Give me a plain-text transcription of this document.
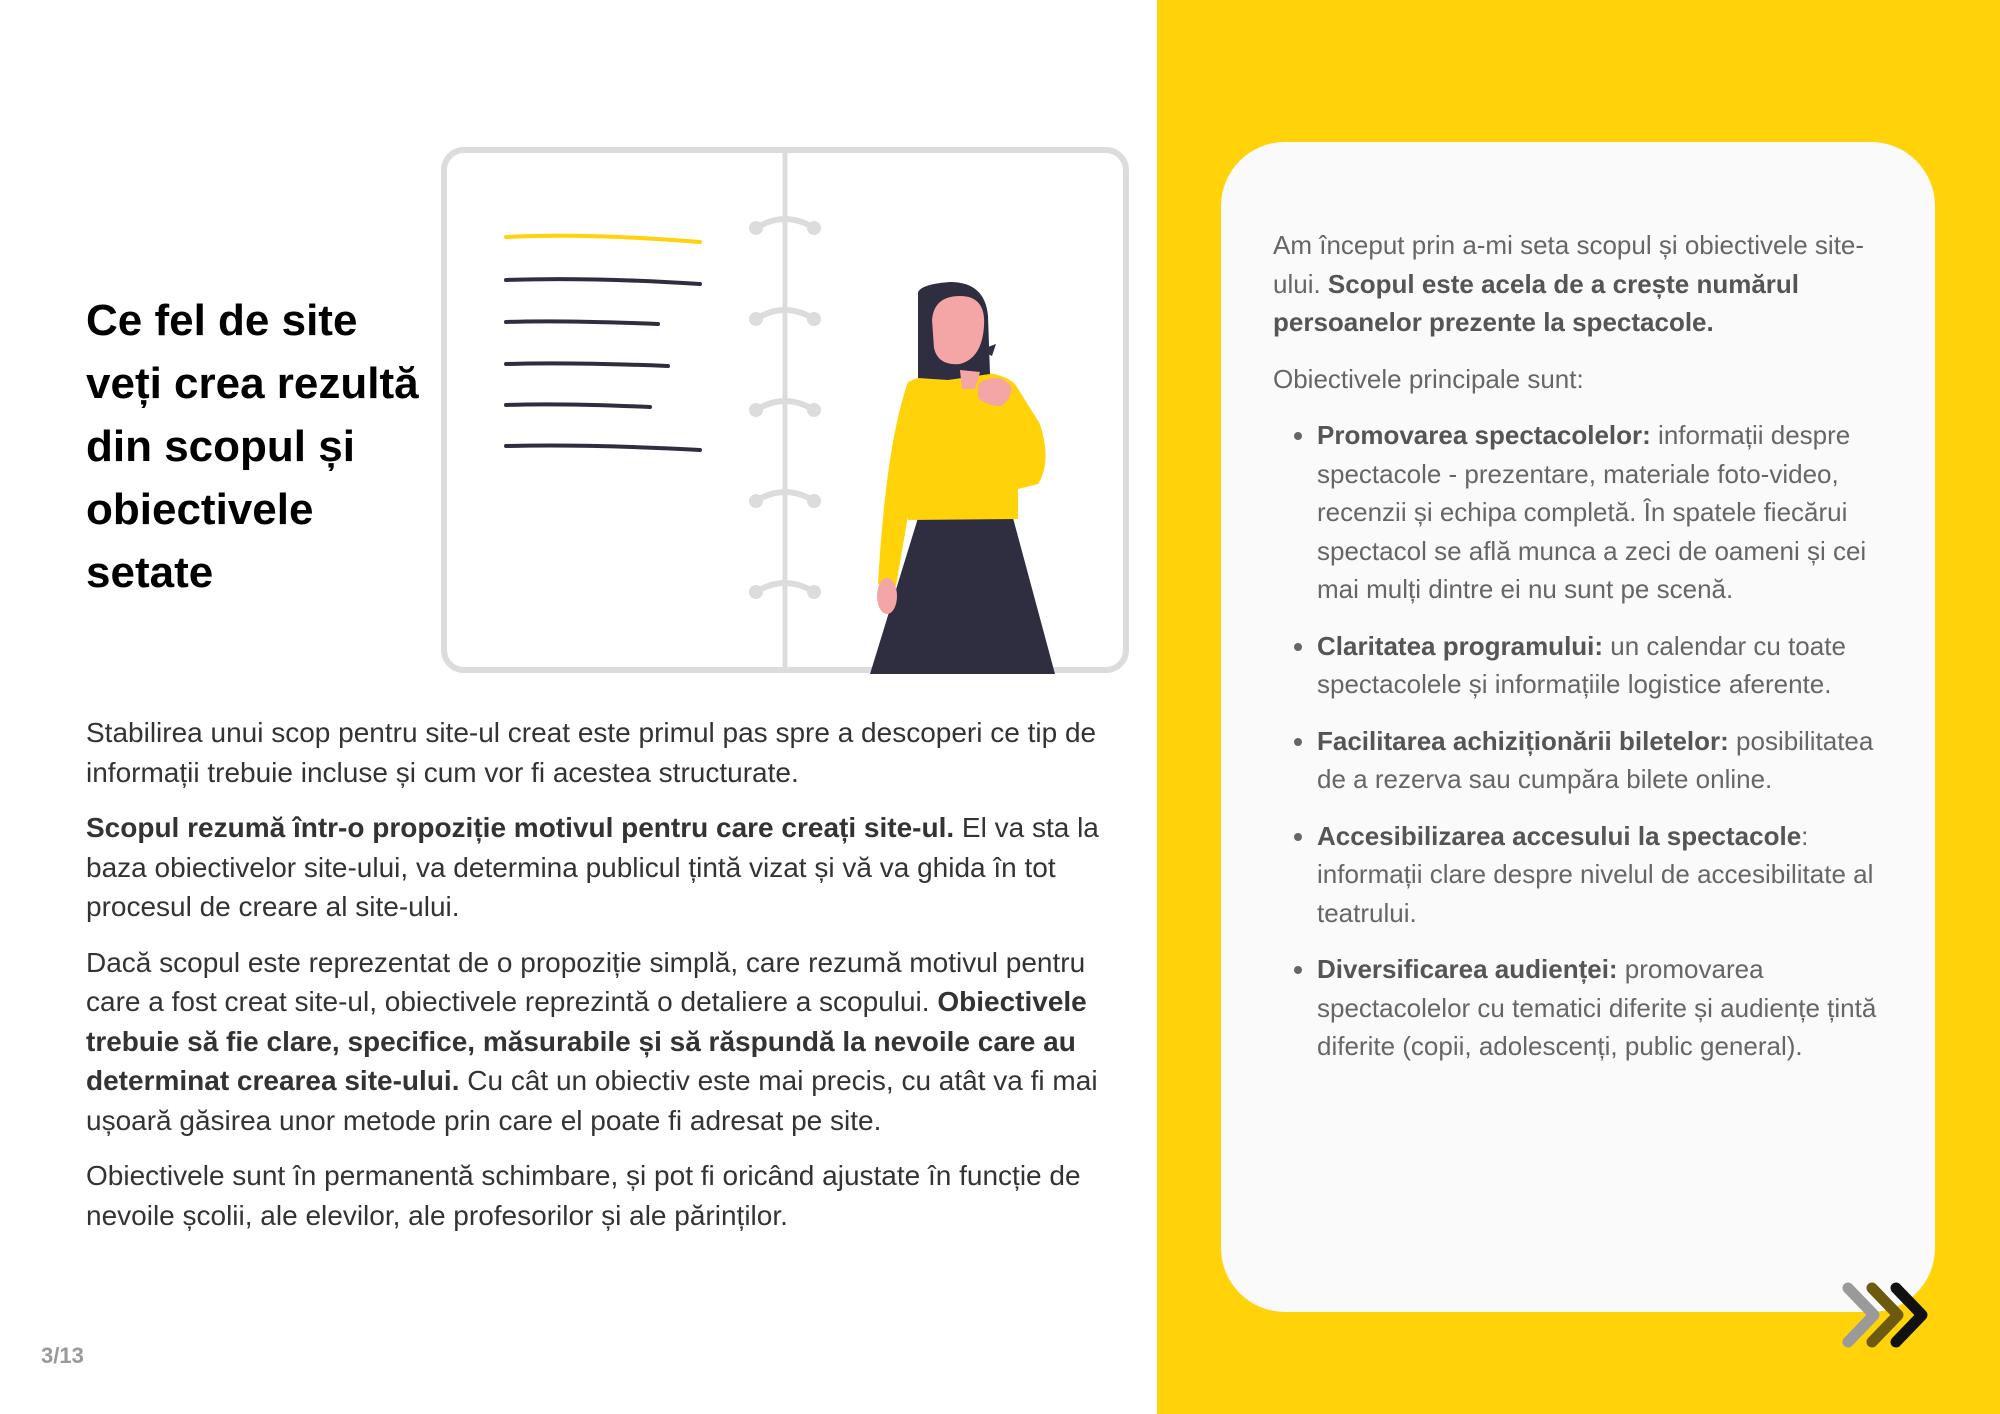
Ce fel de site veți crea rezultă din scopul și obiectivele setate

Stabilirea unui scop pentru site-ul creat este primul pas spre a descoperi ce tip de informații trebuie incluse și cum vor fi acestea structurate.

Scopul rezumă într-o propoziție motivul pentru care creați site-ul. El va sta la baza obiectivelor site-ului, va determina publicul țintă vizat și vă va ghida în tot procesul de creare al site-ului.

Dacă scopul este reprezentat de o propoziție simplă, care rezumă motivul pentru care a fost creat site-ul, obiectivele reprezintă o detaliere a scopului. Obiectivele trebuie să fie clare, specifice, măsurabile și să răspundă la nevoile care au determinat crearea site-ului. Cu cât un obiectiv este mai precis, cu atât va fi mai ușoară găsirea unor metode prin care el poate fi adresat pe site.

Obiectivele sunt în permanentă schimbare, și pot fi oricând ajustate în funcție de nevoile școlii, ale elevilor, ale profesorilor și ale părinților.

Am început prin a-mi seta scopul și obiectivele site-ului. Scopul este acela de a crește numărul persoanelor prezente la spectacole.

Obiectivele principale sunt:

• Promovarea spectacolelor: informații despre spectacole - prezentare, materiale foto-video, recenzii și echipa completă. În spatele fiecărui spectacol se află munca a zeci de oameni și cei mai mulți dintre ei nu sunt pe scenă.
• Claritatea programului: un calendar cu toate spectacolele și informațiile logistice aferente.
• Facilitarea achiziționării biletelor: posibilitatea de a rezerva sau cumpăra bilete online.
• Accesibilizarea accesului la spectacole: informații clare despre nivelul de accesibilitate al teatrului.
• Diversificarea audienței: promovarea spectacolelor cu tematici diferite și audiențe țintă diferite (copii, adolescenți, public general).
3/13
